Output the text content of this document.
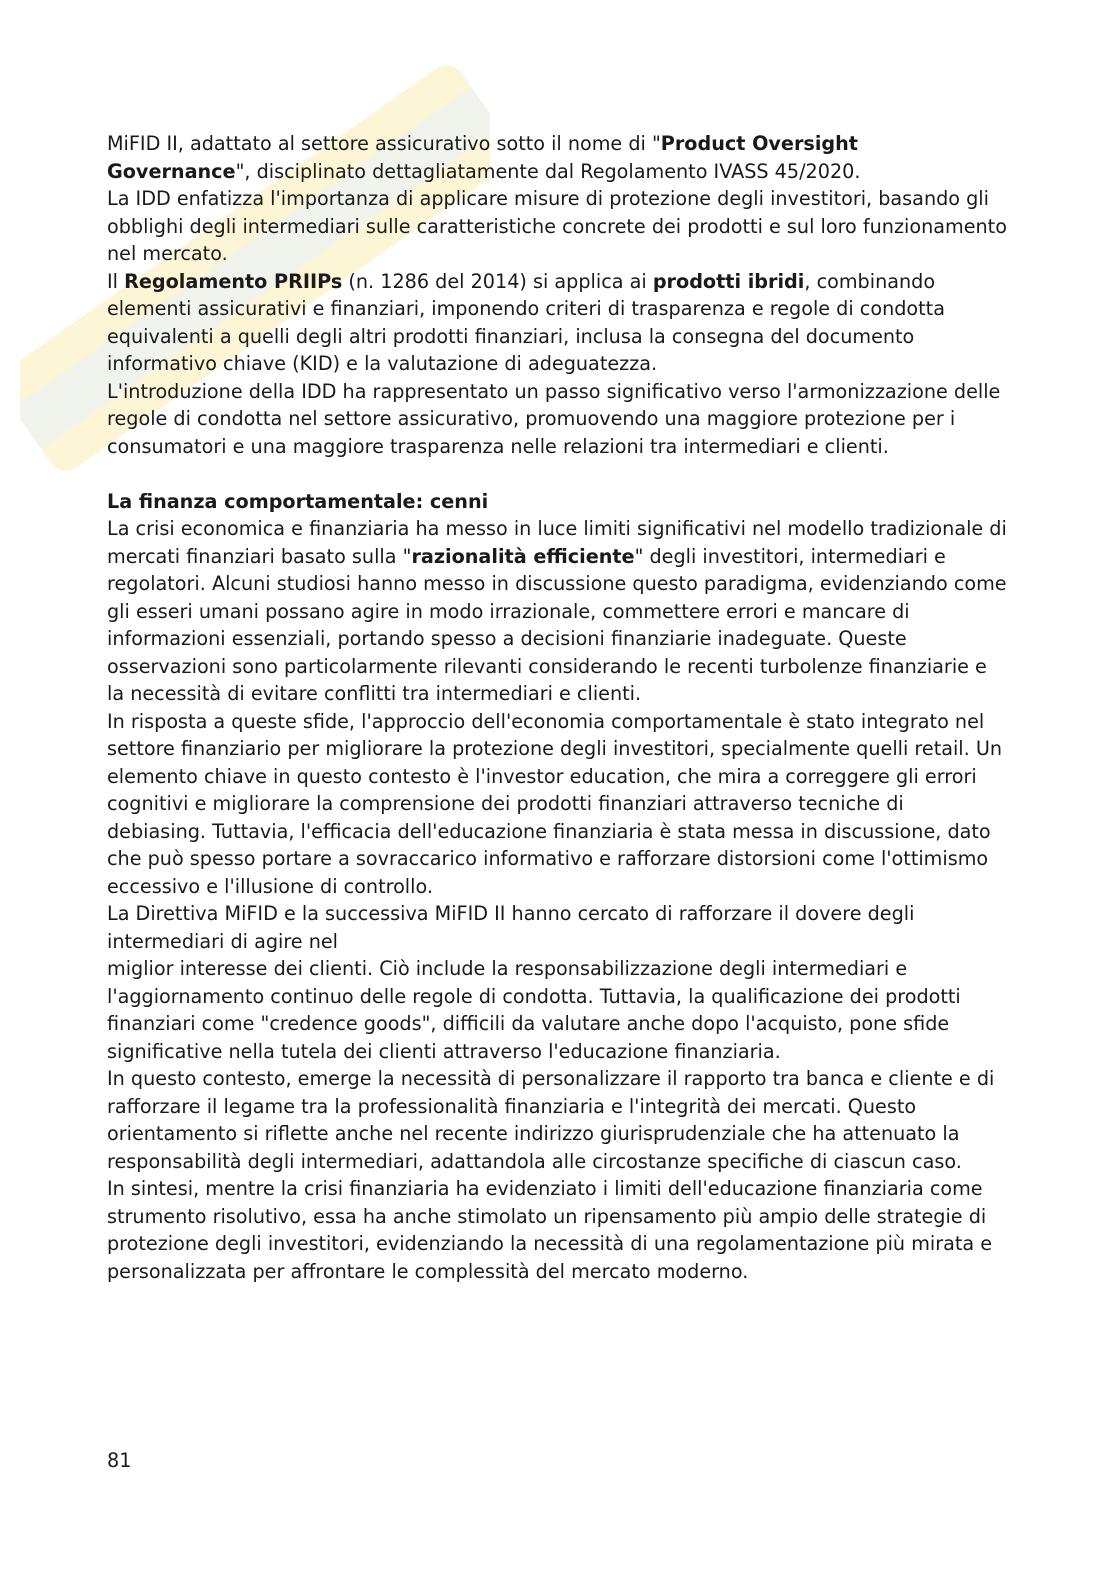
MiFID II, adattato al settore assicurativo sotto il nome di "Product Oversight Governance", disciplinato dettagliatamente dal Regolamento IVASS 45/2020.

La IDD enfatizza l'importanza di applicare misure di protezione degli investitori, basando gli obblighi degli intermediari sulle caratteristiche concrete dei prodotti e sul loro funzionamento nel mercato.

Il Regolamento PRIIPs (n. 1286 del 2014) si applica ai prodotti ibridi, combinando elementi assicurativi e finanziari, imponendo criteri di trasparenza e regole di condotta equivalenti a quelli degli altri prodotti finanziari, inclusa la consegna del documento informativo chiave (KID) e la valutazione di adeguatezza.

L'introduzione della IDD ha rappresentato un passo significativo verso l'armonizzazione delle regole di condotta nel settore assicurativo, promuovendo una maggiore protezione per i consumatori e una maggiore trasparenza nelle relazioni tra intermediari e clienti.

La finanza comportamentale: cenni

La crisi economica e finanziaria ha messo in luce limiti significativi nel modello tradizionale di mercati finanziari basato sulla "razionalità efficiente" degli investitori, intermediari e regolatori. Alcuni studiosi hanno messo in discussione questo paradigma, evidenziando come gli esseri umani possano agire in modo irrazionale, commettere errori e mancare di informazioni essenziali, portando spesso a decisioni finanziarie inadeguate. Queste osservazioni sono particolarmente rilevanti considerando le recenti turbolenze finanziarie e la necessità di evitare conflitti tra intermediari e clienti.

In risposta a queste sfide, l'approccio dell'economia comportamentale è stato integrato nel settore finanziario per migliorare la protezione degli investitori, specialmente quelli retail. Un elemento chiave in questo contesto è l'investor education, che mira a correggere gli errori cognitivi e migliorare la comprensione dei prodotti finanziari attraverso tecniche di debiasing. Tuttavia, l'efficacia dell'educazione finanziaria è stata messa in discussione, dato che può spesso portare a sovraccarico informativo e rafforzare distorsioni come l'ottimismo eccessivo e l'illusione di controllo.

La Direttiva MiFID e la successiva MiFID II hanno cercato di rafforzare il dovere degli intermediari di agire nel

miglior interesse dei clienti. Ciò include la responsabilizzazione degli intermediari e l'aggiornamento continuo delle regole di condotta. Tuttavia, la qualificazione dei prodotti finanziari come "credence goods", difficili da valutare anche dopo l'acquisto, pone sfide significative nella tutela dei clienti attraverso l'educazione finanziaria.

In questo contesto, emerge la necessità di personalizzare il rapporto tra banca e cliente e di rafforzare il legame tra la professionalità finanziaria e l'integrità dei mercati. Questo orientamento si riflette anche nel recente indirizzo giurisprudenziale che ha attenuato la responsabilità degli intermediari, adattandola alle circostanze specifiche di ciascun caso.

In sintesi, mentre la crisi finanziaria ha evidenziato i limiti dell'educazione finanziaria come strumento risolutivo, essa ha anche stimolato un ripensamento più ampio delle strategie di protezione degli investitori, evidenziando la necessità di una regolamentazione più mirata e personalizzata per affrontare le complessità del mercato moderno.

81
